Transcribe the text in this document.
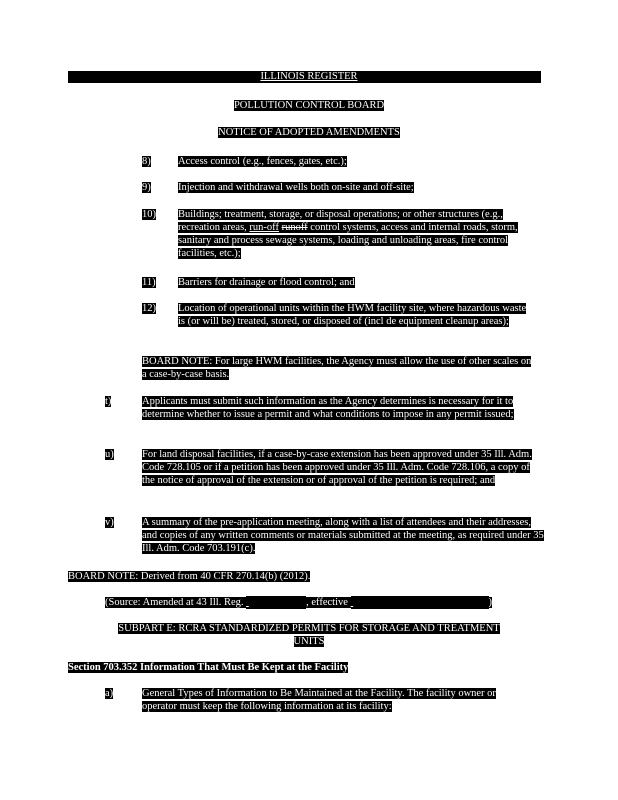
ILLINOIS REGISTER
POLLUTION CONTROL BOARD
NOTICE OF ADOPTED AMENDMENTS
8)	Access control (e.g., fences, gates, etc.);
9)	Injection and withdrawal wells both on-site and off-site;
10) Buildings; treatment, storage, or disposal operations; or other structures (e.g., recreation areas, run-off runoff control systems, access and internal roads, storm, sanitary and process sewage systems, loading and unloading areas, fire control facilities, etc.);
11) Barriers for drainage or flood control; and
12) Location of operational units within the HWM facility site, where hazardous waste is (or will be) treated, stored, or disposed of (incl de equipment cleanup areas);
BOARD NOTE: For large HWM facilities, the Agency must allow the use of other scales on a case-by-case basis.
t)	Applicants must submit such information as the Agency determines is necessary for it to determine whether to issue a permit and what conditions to impose in any permit issued;
u)	For land disposal facilities, if a case-by-case extension has been approved under 35 Ill. Adm. Code 728.105 or if a petition has been approved under 35 Ill. Adm. Code 728.106, a copy of the notice of approval of the extension or of approval of the petition is required; and
v)	A summary of the pre-application meeting, along with a list of attendees and their addresses, and copies of any written comments or materials submitted at the meeting, as required under 35 Ill. Adm. Code 703.191(c).
BOARD NOTE: Derived from 40 CFR 270.14(b) (2012).
(Source: Amended at 43 Ill. Reg.	, effective	)
SUBPART E: RCRA STANDARDIZED PERMITS FOR STORAGE AND TREATMENT UNITS
Section 703.352 Information That Must Be Kept at the Facility
a)	General Types of Information to Be Maintained at the Facility. The facility owner or operator must keep the following information at its facility:
